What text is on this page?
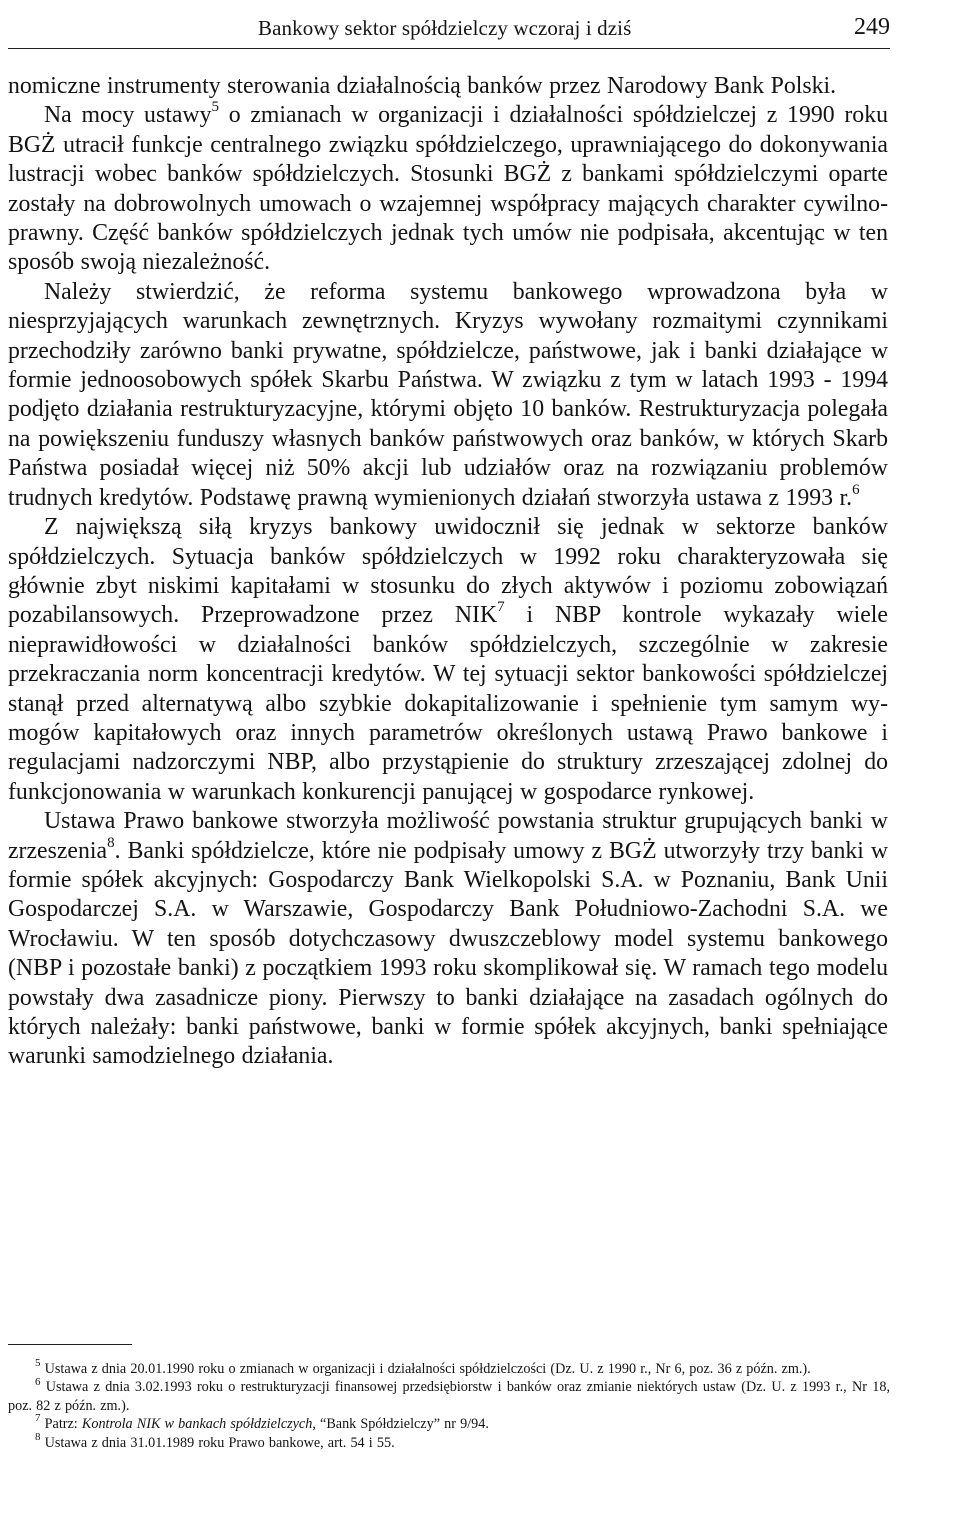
Bankowy sektor spółdzielczy wczoraj i dziś	249

nomiczne instrumenty sterowania działalnością banków przez Narodowy Bank Polski.

Na mocy ustawy$^5$ o zmianach w organizacji i działalności spółdzielczej z 1990 roku BGŻ utracił funkcje centralnego związku spółdzielczego, uprawniającego do dokonywania lustracji wobec banków spółdzielczych. Stosunki BGŻ z bankami spółdzielczymi oparte zostały na dobrowolnych umowach o wzajemnej współpracy mających charakter cywilno-prawny. Część banków spółdzielczych jednak tych umów nie podpisała, akcentując w ten sposób swoją niezależność.

Należy stwierdzić, że reforma systemu bankowego wprowadzona była w niesprzyjających warunkach zewnętrznych. Kryzys wywołany rozmaitymi czynnikami przechodziły zarówno banki prywatne, spółdzielcze, państwowe, jak i banki działające w formie jednoosobowych spółek Skarbu Państwa. W związku z tym w latach 1993 - 1994 podjęto działania restrukturyzacyjne, którymi objęto 10 banków. Restrukturyzacja polegała na powiększeniu funduszy własnych banków państwowych oraz banków, w których Skarb Państwa posiadał więcej niż 50% akcji lub udziałów oraz na rozwiązaniu problemów trudnych kredytów. Podstawę prawną wymienionych działań stworzyła ustawa z 1993 r.$^6$

Z największą siłą kryzys bankowy uwidocznił się jednak w sektorze banków spółdzielczych. Sytuacja banków spółdzielczych w 1992 roku charakteryzowała się głównie zbyt niskimi kapitałami w stosunku do złych aktywów i poziomu zobowiązań pozabilansowych. Przeprowadzone przez NIK$^7$ i NBP kontrole wykazały wiele nieprawidłowości w działalności banków spółdzielczych, szczególnie w zakresie przekraczania norm koncentracji kredytów. W tej sytuacji sektor bankowości spółdzielczej stanął przed alternatywą albo szybkie dokapitalizowanie i spełnienie tym samym wymogów kapitałowych oraz innych parametrów określonych ustawą Prawo bankowe i regulacjami nadzorczymi NBP, albo przystąpienie do struktury zrzeszającej zdolnej do funkcjonowania w warunkach konkurencji panującej w gospodarce rynkowej.

Ustawa Prawo bankowe stworzyła możliwość powstania struktur grupujących banki w zrzeszenia$^8$. Banki spółdzielcze, które nie podpisały umowy z BGŻ utworzyły trzy banki w formie spółek akcyjnych: Gospodarczy Bank Wielkopolski S.A. w Poznaniu, Bank Unii Gospodarczej S.A. w Warszawie, Gospodarczy Bank Południowo-Zachodni S.A. we Wrocławiu. W ten sposób dotychczasowy dwuszczeblowy model systemu bankowego (NBP i pozostałe banki) z początkiem 1993 roku skomplikował się. W ramach tego modelu powstały dwa zasadnicze piony. Pierwszy to banki działające na zasadach ogólnych do których należały: banki państwowe, banki w formie spółek akcyjnych, banki spełniające warunki samodzielnego działania.

$^5$ Ustawa z dnia 20.01.1990 roku o zmianach w organizacji i działalności spółdzielczości (Dz. U. z 1990 r., Nr 6, poz. 36 z późn. zm.).

$^6$ Ustawa z dnia 3.02.1993 roku o restrukturyzacji finansowej przedsiębiorstw i banków oraz zmianie niektórych ustaw (Dz. U. z 1993 r., Nr 18, poz. 82 z późn. zm.).

$^7$ Patrz: Kontrola NIK w bankach spółdzielczych, “Bank Spółdzielczy” nr 9/94.

$^8$ Ustawa z dnia 31.01.1989 roku Prawo bankowe, art. 54 i 55.
